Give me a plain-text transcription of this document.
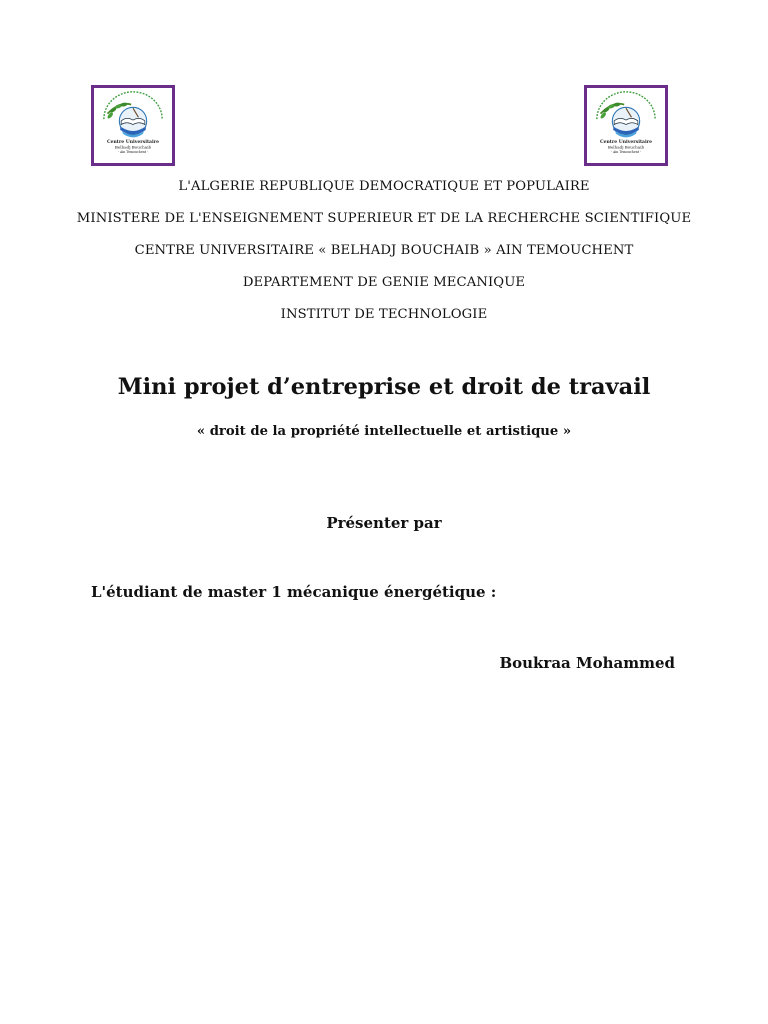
Centre Universitaire
Belhadj Bouchaib
- Ain Temouchent -
Centre Universitaire
Belhadj Bouchaib
- Ain Temouchent -
L'ALGERIE REPUBLIQUE DEMOCRATIQUE ET POPULAIRE
MINISTERE DE L'ENSEIGNEMENT SUPERIEUR ET DE LA RECHERCHE SCIENTIFIQUE
CENTRE UNIVERSITAIRE « BELHADJ BOUCHAIB » AIN TEMOUCHENT
DEPARTEMENT DE GENIE MECANIQUE
INSTITUT DE TECHNOLOGIE
Mini projet d’entreprise et droit de travail
« droit de la propriété intellectuelle et artistique »
Présenter par
L'étudiant de master 1 mécanique énergétique :
Boukraa Mohammed
